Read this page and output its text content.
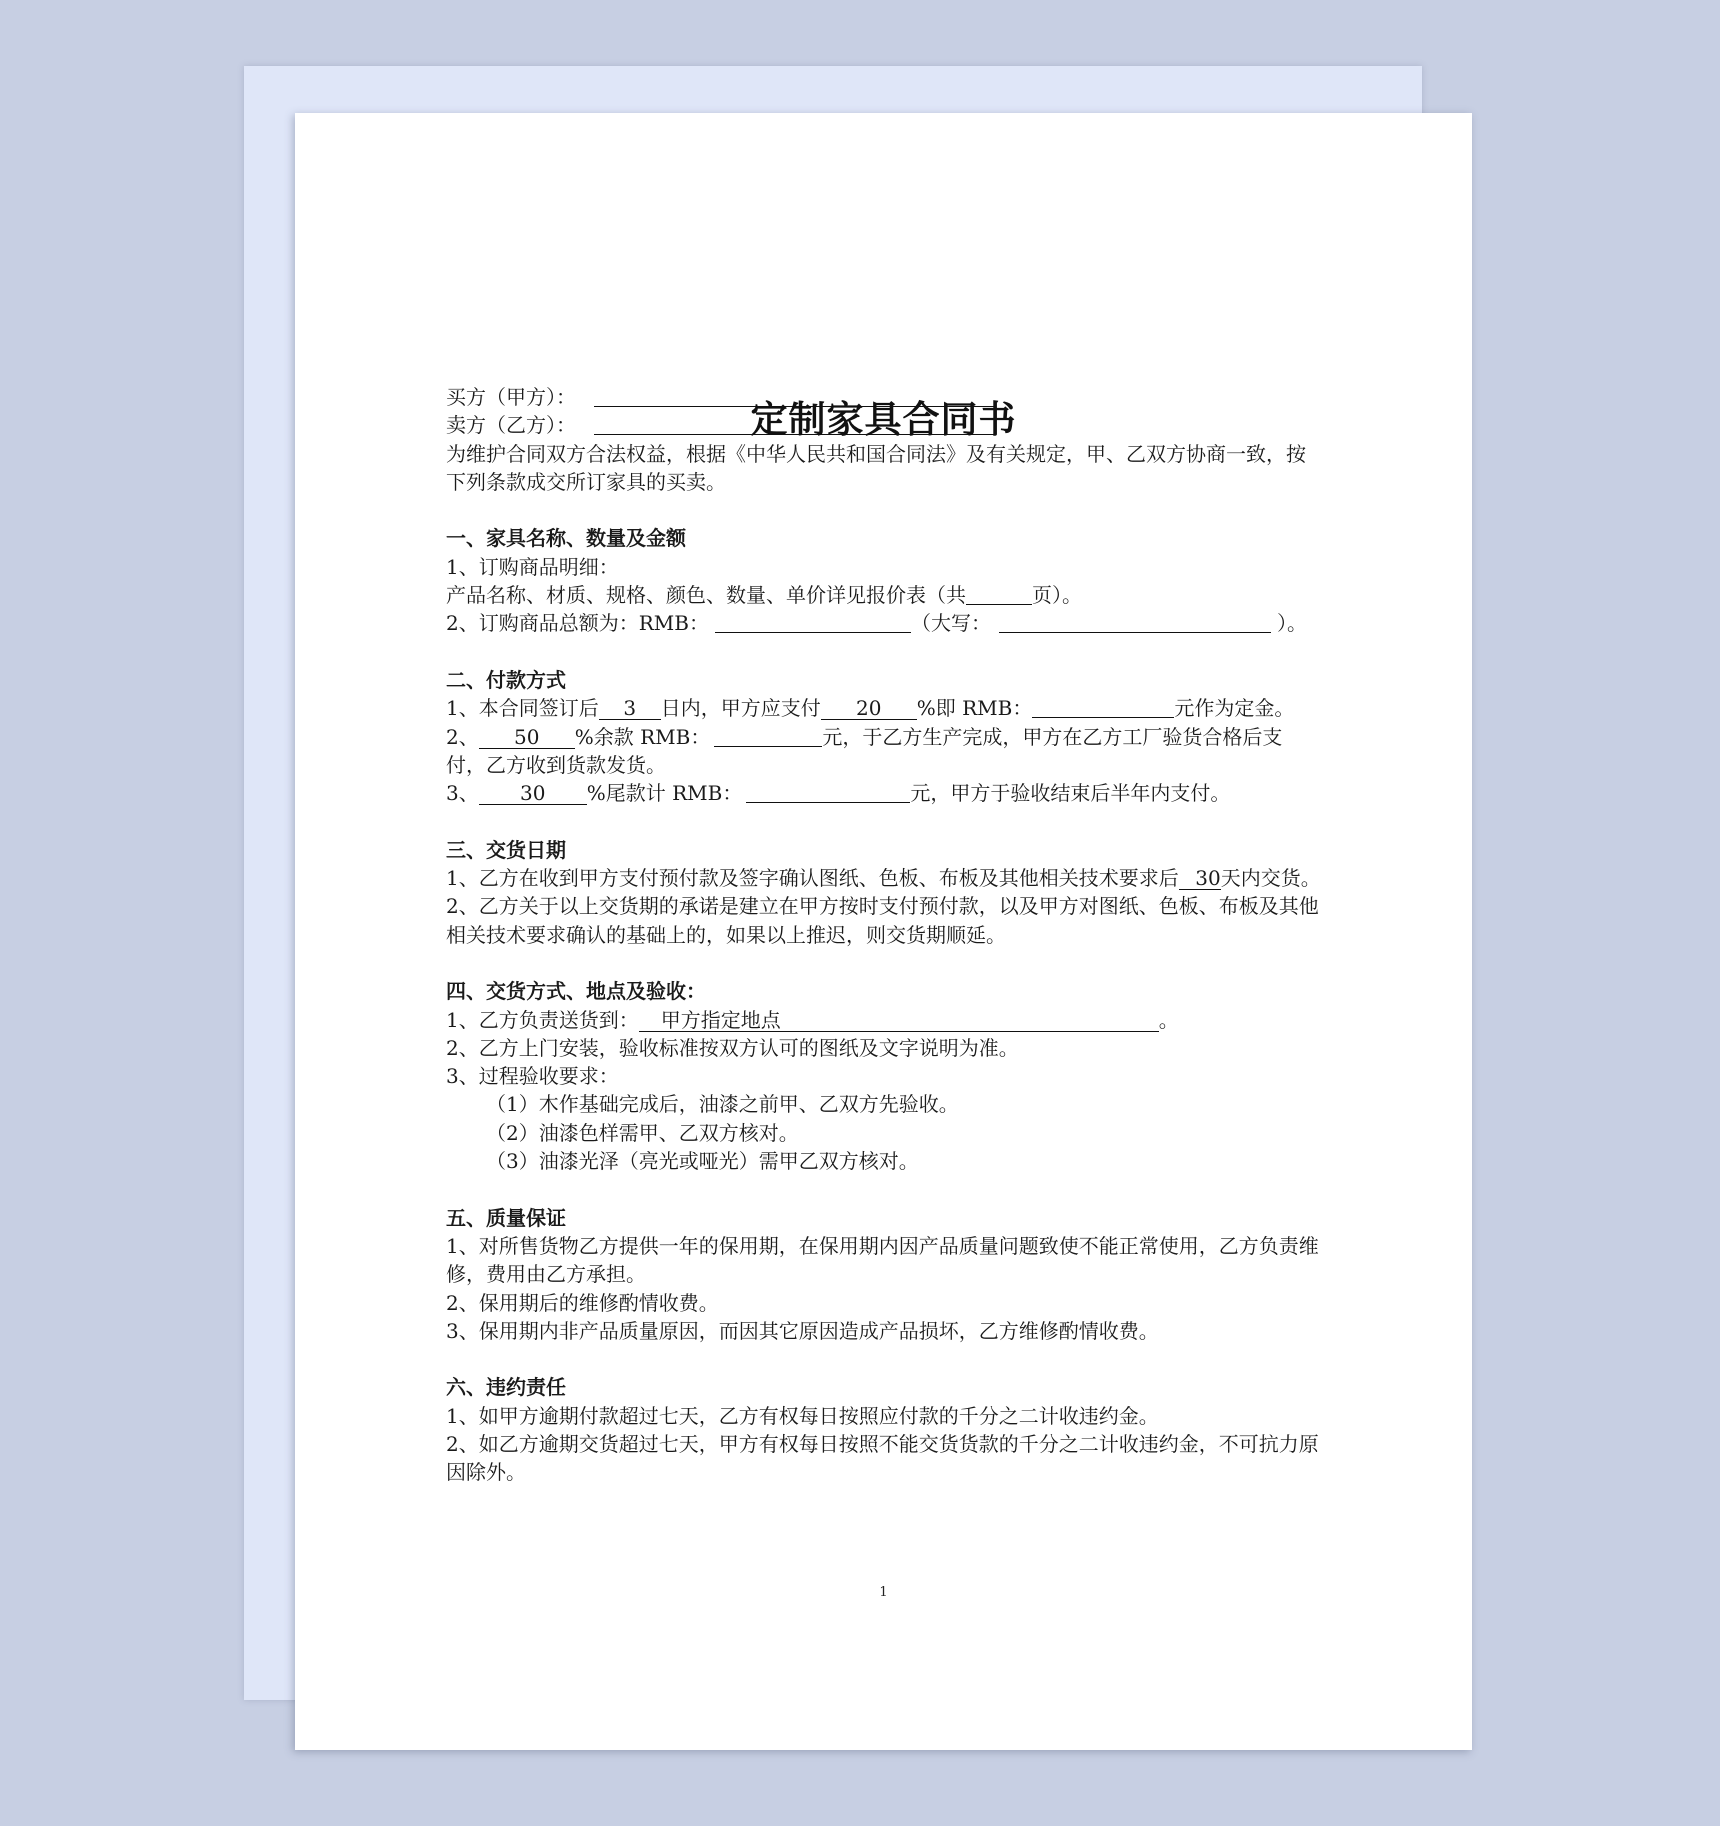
定制家具合同书

买方（甲方）：

卖方（乙方）：

为维护合同双方合法权益，根据《中华人民共和国合同法》及有关规定，甲、乙双方协商一致，按下列条款成交所订家具的买卖。

一、家具名称、数量及金额

1、订购商品明细：

产品名称、材质、规格、颜色、数量、单价详见报价表（共	页）。

2、订购商品总额为：RMB：	（大写：	）。

二、付款方式

1、本合同签订后 3 日内，甲方应支付 20 %即 RMB：	元作为定金。

2、 50 %余款 RMB：	元，于乙方生产完成，甲方在乙方工厂验货合格后支付，乙方收到货款发货。

3、 30 %尾款计 RMB：	元，甲方于验收结束后半年内支付。

三、交货日期

1、乙方在收到甲方支付预付款及签字确认图纸、色板、布板及其他相关技术要求后 30天内交货。

2、乙方关于以上交货期的承诺是建立在甲方按时支付预付款，以及甲方对图纸、色板、布板及其他相关技术要求确认的基础上的，如果以上推迟，则交货期顺延。

四、交货方式、地点及验收：

1、乙方负责送货到： 甲方指定地点	。

2、乙方上门安装，验收标准按双方认可的图纸及文字说明为准。

3、过程验收要求：

（1）木作基础完成后，油漆之前甲、乙双方先验收。

（2）油漆色样需甲、乙双方核对。

（3）油漆光泽（亮光或哑光）需甲乙双方核对。

五、质量保证

1、对所售货物乙方提供一年的保用期，在保用期内因产品质量问题致使不能正常使用，乙方负责维修，费用由乙方承担。

2、保用期后的维修酌情收费。

3、保用期内非产品质量原因，而因其它原因造成产品损坏，乙方维修酌情收费。

六、违约责任

1、如甲方逾期付款超过七天，乙方有权每日按照应付款的千分之二计收违约金。

2、如乙方逾期交货超过七天，甲方有权每日按照不能交货货款的千分之二计收违约金，不可抗力原因除外。

1
